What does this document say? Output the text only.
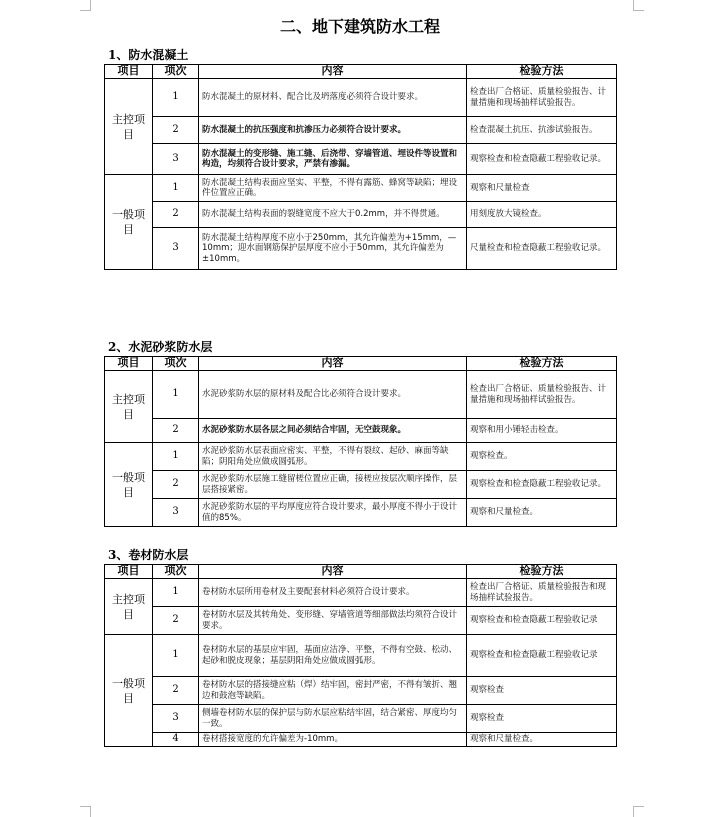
二、地下建筑防水工程

1、防水混凝土

项目	项次	内容	检验方法
主控项目	1	防水混凝土的原材料、配合比及坍落度必须符合设计要求。	检查出厂合格证、质量检验报告、计量措施和现场抽样试验报告。
	2	防水混凝土的抗压强度和抗渗压力必须符合设计要求。	检查混凝土抗压、抗渗试验报告。
	3	防水混凝土的变形缝、施工缝、后浇带、穿墙管道、埋设件等设置和构造，均须符合设计要求，严禁有渗漏。	观察检查和检查隐蔽工程验收记录。
一般项目	1	防水混凝土结构表面应坚实、平整，不得有露筋、蜂窝等缺陷；埋设件位置应正确。	观察和尺量检查
	2	防水混凝土结构表面的裂缝宽度不应大于0.2mm，并不得贯通。	用刻度放大镜检查。
	3	防水混凝土结构厚度不应小于250mm，其允许偏差为+15mm，—10mm；迎水面钢筋保护层厚度不应小于50mm，其允许偏差为±10mm。	尺量检查和检查隐蔽工程验收记录。

2、水泥砂浆防水层

项目	项次	内容	检验方法
主控项目	1	水泥砂浆防水层的原材料及配合比必须符合设计要求。	检查出厂合格证、质量检验报告、计量措施和现场抽样试验报告。
	2	水泥砂浆防水层各层之间必须结合牢固，无空鼓现象。	观察和用小锤轻击检查。
一般项目	1	水泥砂浆防水层表面应密实、平整，不得有裂纹、起砂、麻面等缺陷；阴阳角处应做成圆弧形。	观察检查。
	2	水泥砂浆防水层施工缝留槎位置应正确，接槎应按层次顺序操作，层层搭接紧密。	观察检查和检查隐蔽工程验收记录。
	3	水泥砂浆防水层的平均厚度应符合设计要求，最小厚度不得小于设计值的85%。	观察和尺量检查。

3、卷材防水层

项目	项次	内容	检验方法
主控项目	1	卷材防水层所用卷材及主要配套材料必须符合设计要求。	检查出厂合格证、质量检验报告和现场抽样试验报告。
	2	卷材防水层及其转角处、变形缝、穿墙管道等细部做法均须符合设计要求。	观察检查和检查隐蔽工程验收记录
一般项目	1	卷材防水层的基层应牢固，基面应洁净、平整，不得有空鼓、松动、起砂和脱皮现象；基层阴阳角处应做成圆弧形。	观察检查和检查隐蔽工程验收记录
	2	卷材防水层的搭接缝应粘（焊）结牢固，密封严密，不得有皱折、翘边和鼓泡等缺陷。	观察检查
	3	侧墙卷材防水层的保护层与防水层应粘结牢固，结合紧密、厚度均匀一致。	观察检查
	4	卷材搭接宽度的允许偏差为-10mm。	观察和尺量检查。
